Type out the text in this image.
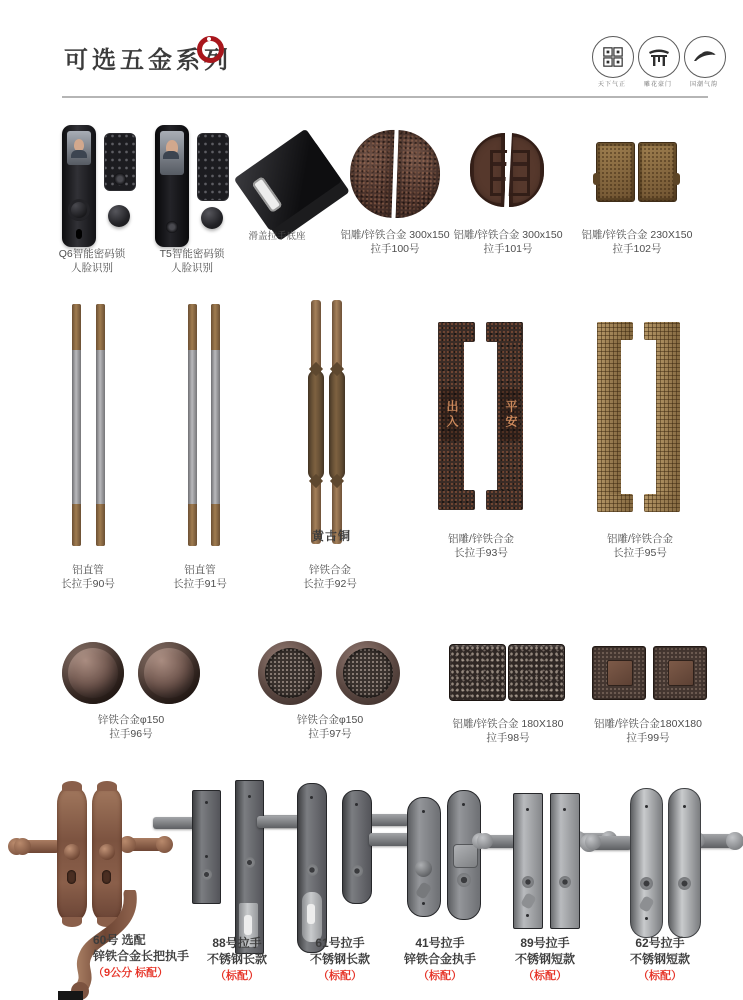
可选五金系列
天下气正	雕花豪门	国潮气韵
Q6智能密码锁
人脸识别
T5智能密码锁
人脸识别
滑盖拉手底座	铝雕/锌铁合金 300x150
拉手100号
铝雕/锌铁合金 300x150
拉手101号
铝雕/锌铁合金 230X150
拉手102号
铝直管
长拉手90号
铝直管
长拉手91号
黄古铜
锌铁合金
长拉手92号
出入	平安
铝雕/锌铁合金
长拉手93号
铝雕/锌铁合金
长拉手95号
锌铁合金φ150
拉手96号
锌铁合金φ150
拉手97号
铝雕/锌铁合金 180X180
拉手98号
铝雕/锌铁合金180X180
拉手99号
60号 选配
锌铁合金长把执手
（9公分 标配）
88号拉手
不锈钢长款
（标配）
61号拉手
不锈钢长款
（标配）
41号拉手
锌铁合金执手
（标配）
89号拉手
不锈钢短款
（标配）
62号拉手
不锈钢短款
（标配）
